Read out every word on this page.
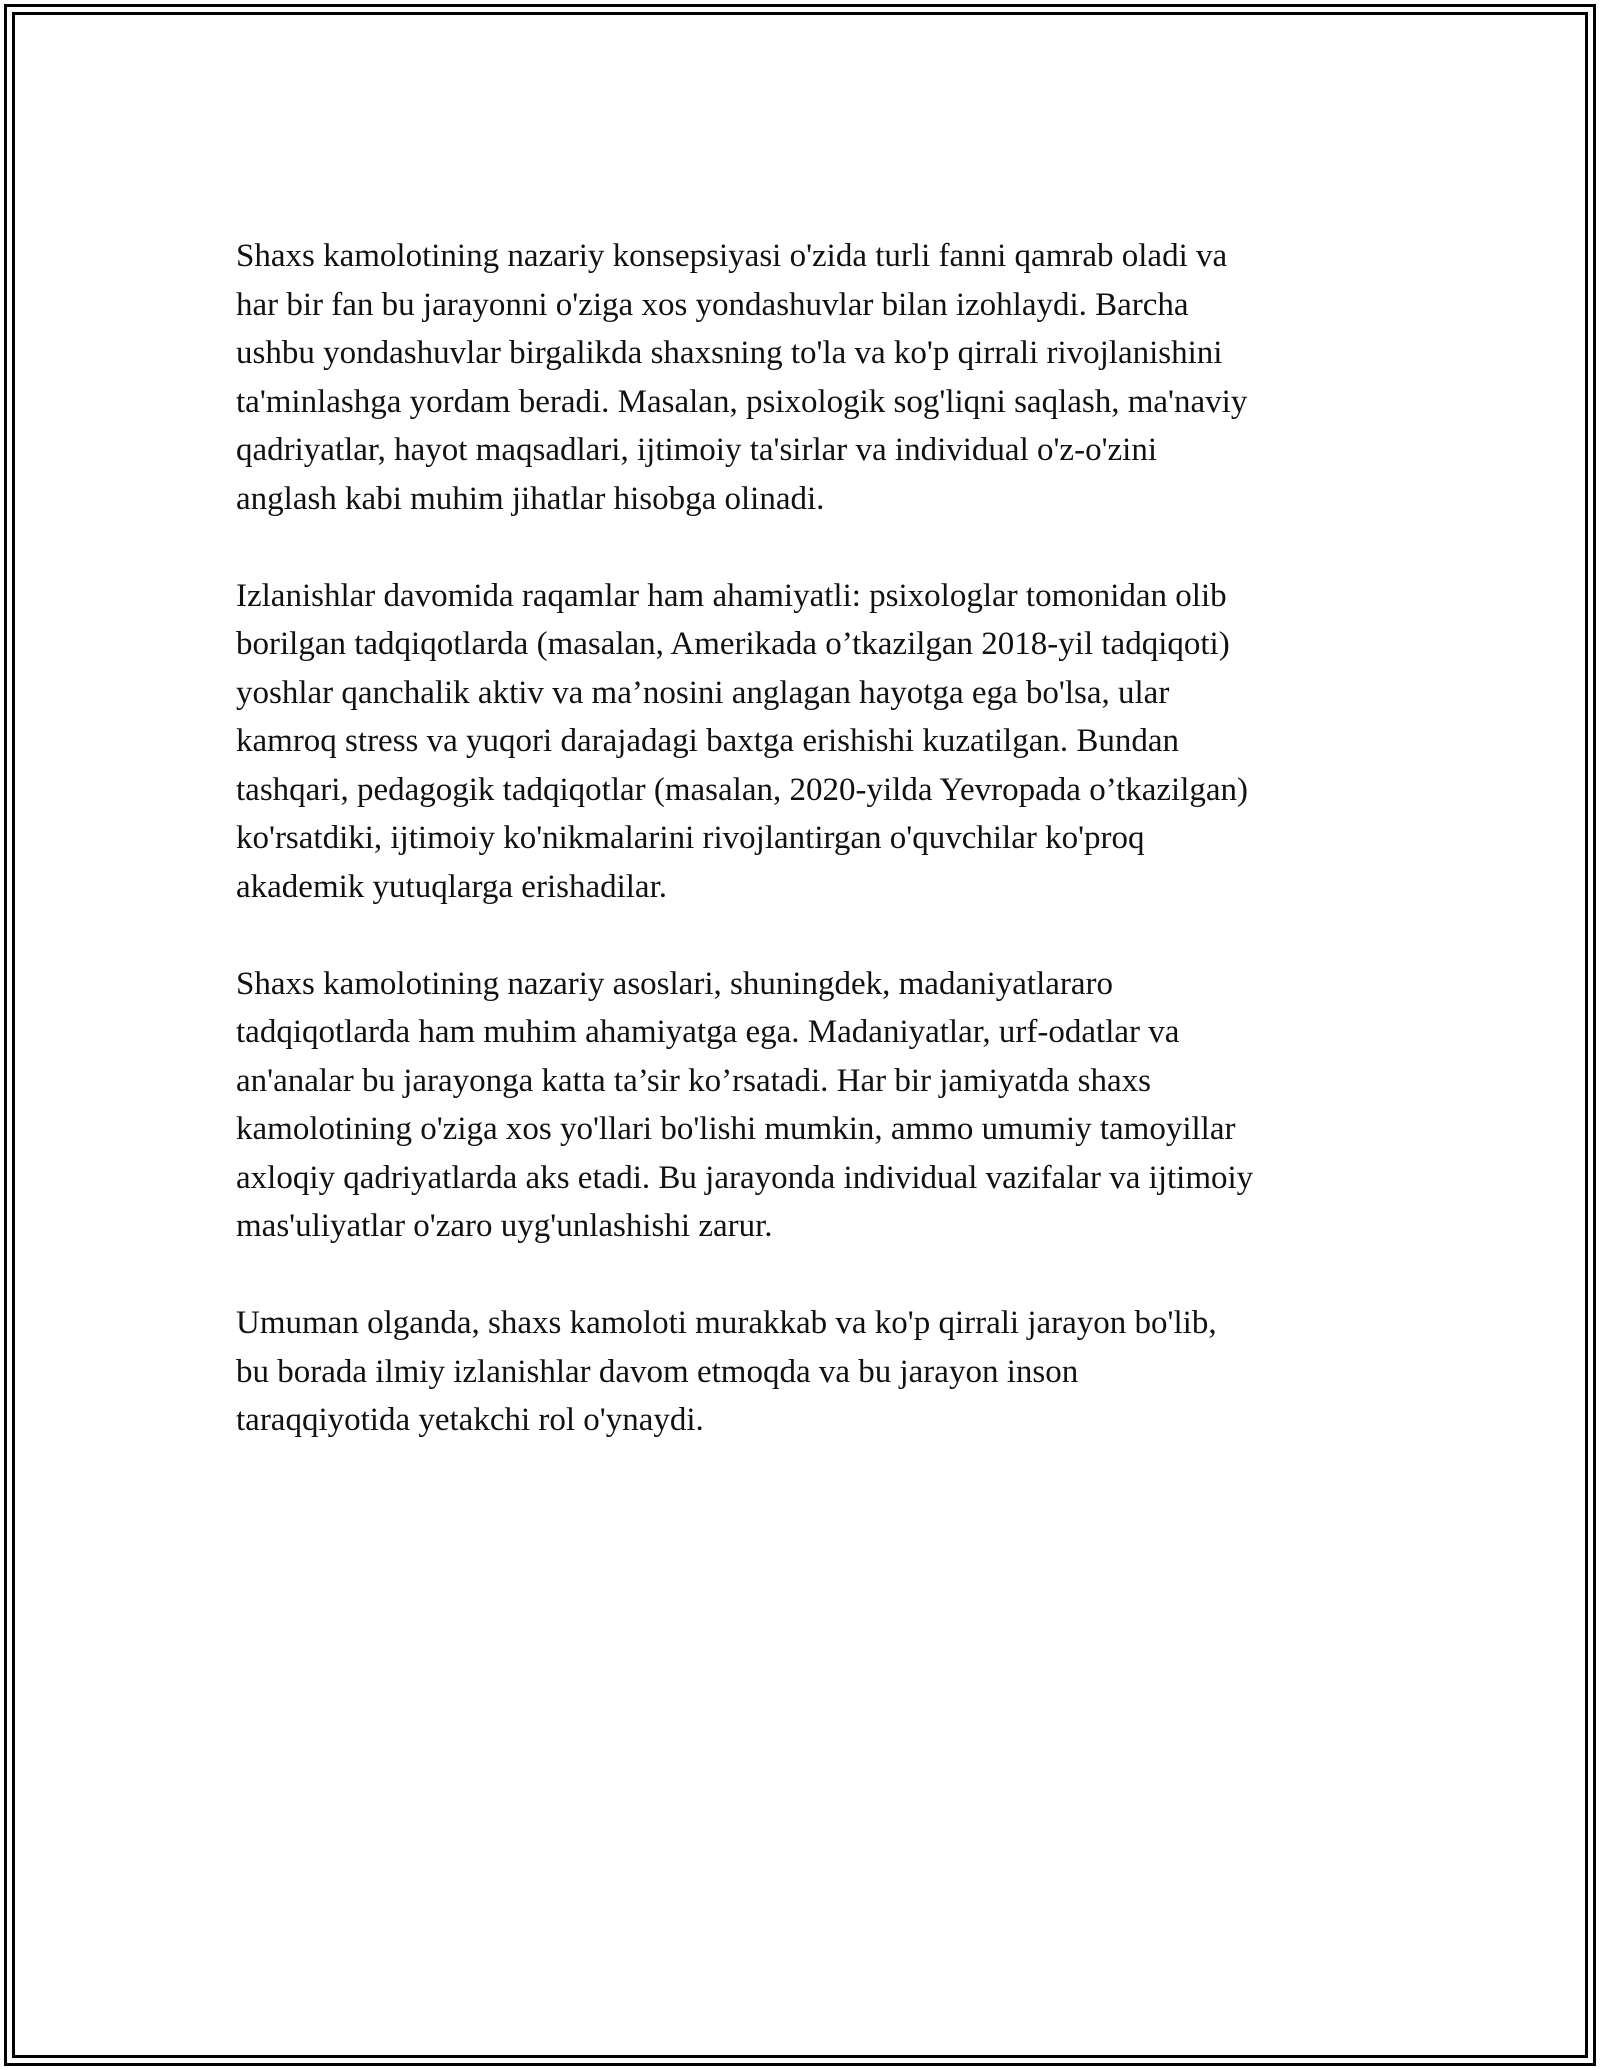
Shaxs kamolotining nazariy konsepsiyasi o'zida turli fanni qamrab oladi va
har bir fan bu jarayonni o'ziga xos yondashuvlar bilan izohlaydi. Barcha
ushbu yondashuvlar birgalikda shaxsning to'la va ko'p qirrali rivojlanishini
ta'minlashga yordam beradi. Masalan, psixologik sog'liqni saqlash, ma'naviy
qadriyatlar, hayot maqsadlari, ijtimoiy ta'sirlar va individual o'z-o'zini
anglash kabi muhim jihatlar hisobga olinadi.

Izlanishlar davomida raqamlar ham ahamiyatli: psixologlar tomonidan olib
borilgan tadqiqotlarda (masalan, Amerikada o’tkazilgan 2018-yil tadqiqoti)
yoshlar qanchalik aktiv va ma’nosini anglagan hayotga ega bo'lsa, ular
kamroq stress va yuqori darajadagi baxtga erishishi kuzatilgan. Bundan
tashqari, pedagogik tadqiqotlar (masalan, 2020-yilda Yevropada o’tkazilgan)
ko'rsatdiki, ijtimoiy ko'nikmalarini rivojlantirgan o'quvchilar ko'proq
akademik yutuqlarga erishadilar.

Shaxs kamolotining nazariy asoslari, shuningdek, madaniyatlararo
tadqiqotlarda ham muhim ahamiyatga ega. Madaniyatlar, urf-odatlar va
an'analar bu jarayonga katta ta’sir ko’rsatadi. Har bir jamiyatda shaxs
kamolotining o'ziga xos yo'llari bo'lishi mumkin, ammo umumiy tamoyillar
axloqiy qadriyatlarda aks etadi. Bu jarayonda individual vazifalar va ijtimoiy
mas'uliyatlar o'zaro uyg'unlashishi zarur.

Umuman olganda, shaxs kamoloti murakkab va ko'p qirrali jarayon bo'lib,
bu borada ilmiy izlanishlar davom etmoqda va bu jarayon inson
taraqqiyotida yetakchi rol o'ynaydi.
